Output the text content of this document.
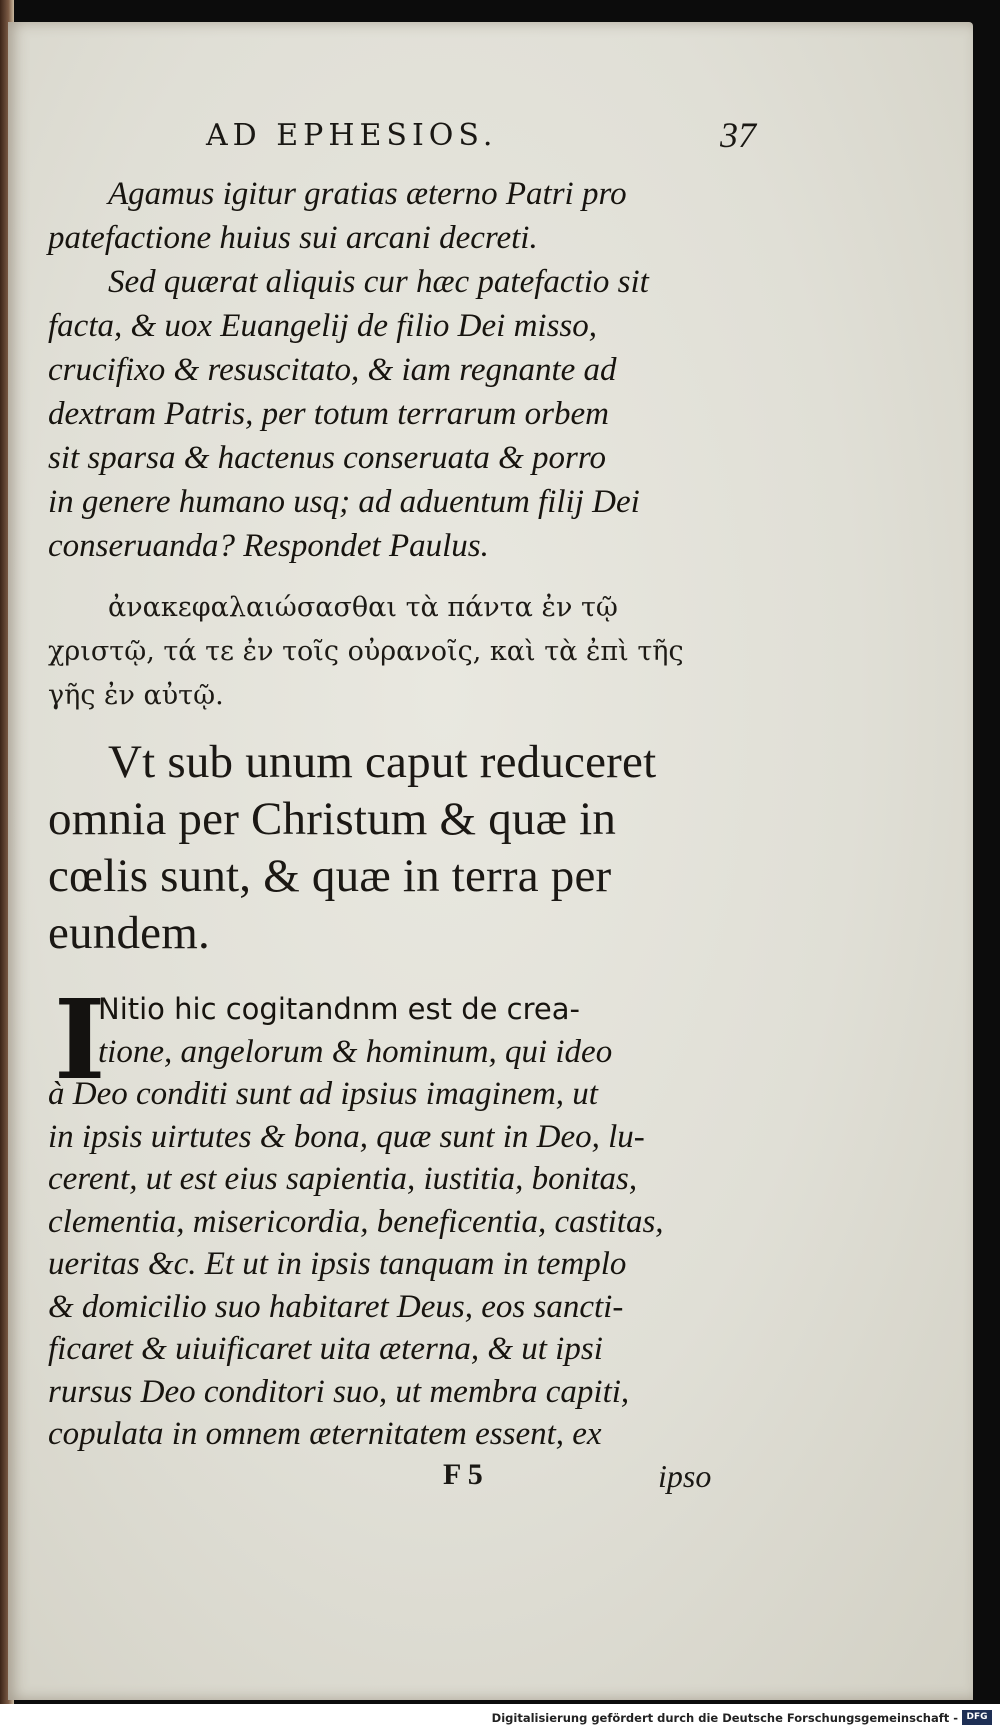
AD EPHESIOS.	37

Agamus igitur gratias æterno Patri pro
patefactione huius sui arcani decreti.

Sed quærat aliquis cur hæc patefactio sit
facta, & uox Euangelij de filio Dei misso,
crucifixo & resuscitato, & iam regnante ad
dextram Patris, per totum terrarum orbem
sit sparsa & hactenus conseruata & porro
in genere humano usq; ad aduentum filij Dei
conseruanda? Respondet Paulus.

ἀνακεφαλαιώσασθαι τὰ πάντα ἐν τῷ
χριστῷ, τά τε ἐν τοῖς οὐρανοῖς, καὶ τὰ ἐπὶ τῆς
γῆς ἐν αὐτῷ.
Vt sub unum caput reduceret
omnia per Christum & quæ in
cœlis sunt, & quæ in terra per
eundem.
I
Nitio hic cogitandnm est de crea-
tione, angelorum & hominum, qui ideo
à Deo conditi sunt ad ipsius imaginem, ut
in ipsis uirtutes & bona, quæ sunt in Deo, lu-
cerent, ut est eius sapientia, iustitia, bonitas,
clementia, misericordia, beneficentia, castitas,
ueritas &c. Et ut in ipsis tanquam in templo
& domicilio suo habitaret Deus, eos sancti-
ficaret & uiuificaret uita æterna, & ut ipsi
rursus Deo conditori suo, ut membra capiti,
copulata in omnem æternitatem essent, ex
F 5	ipso
Digitalisierung gefördert durch die Deutsche Forschungsgemeinschaft - DFG
